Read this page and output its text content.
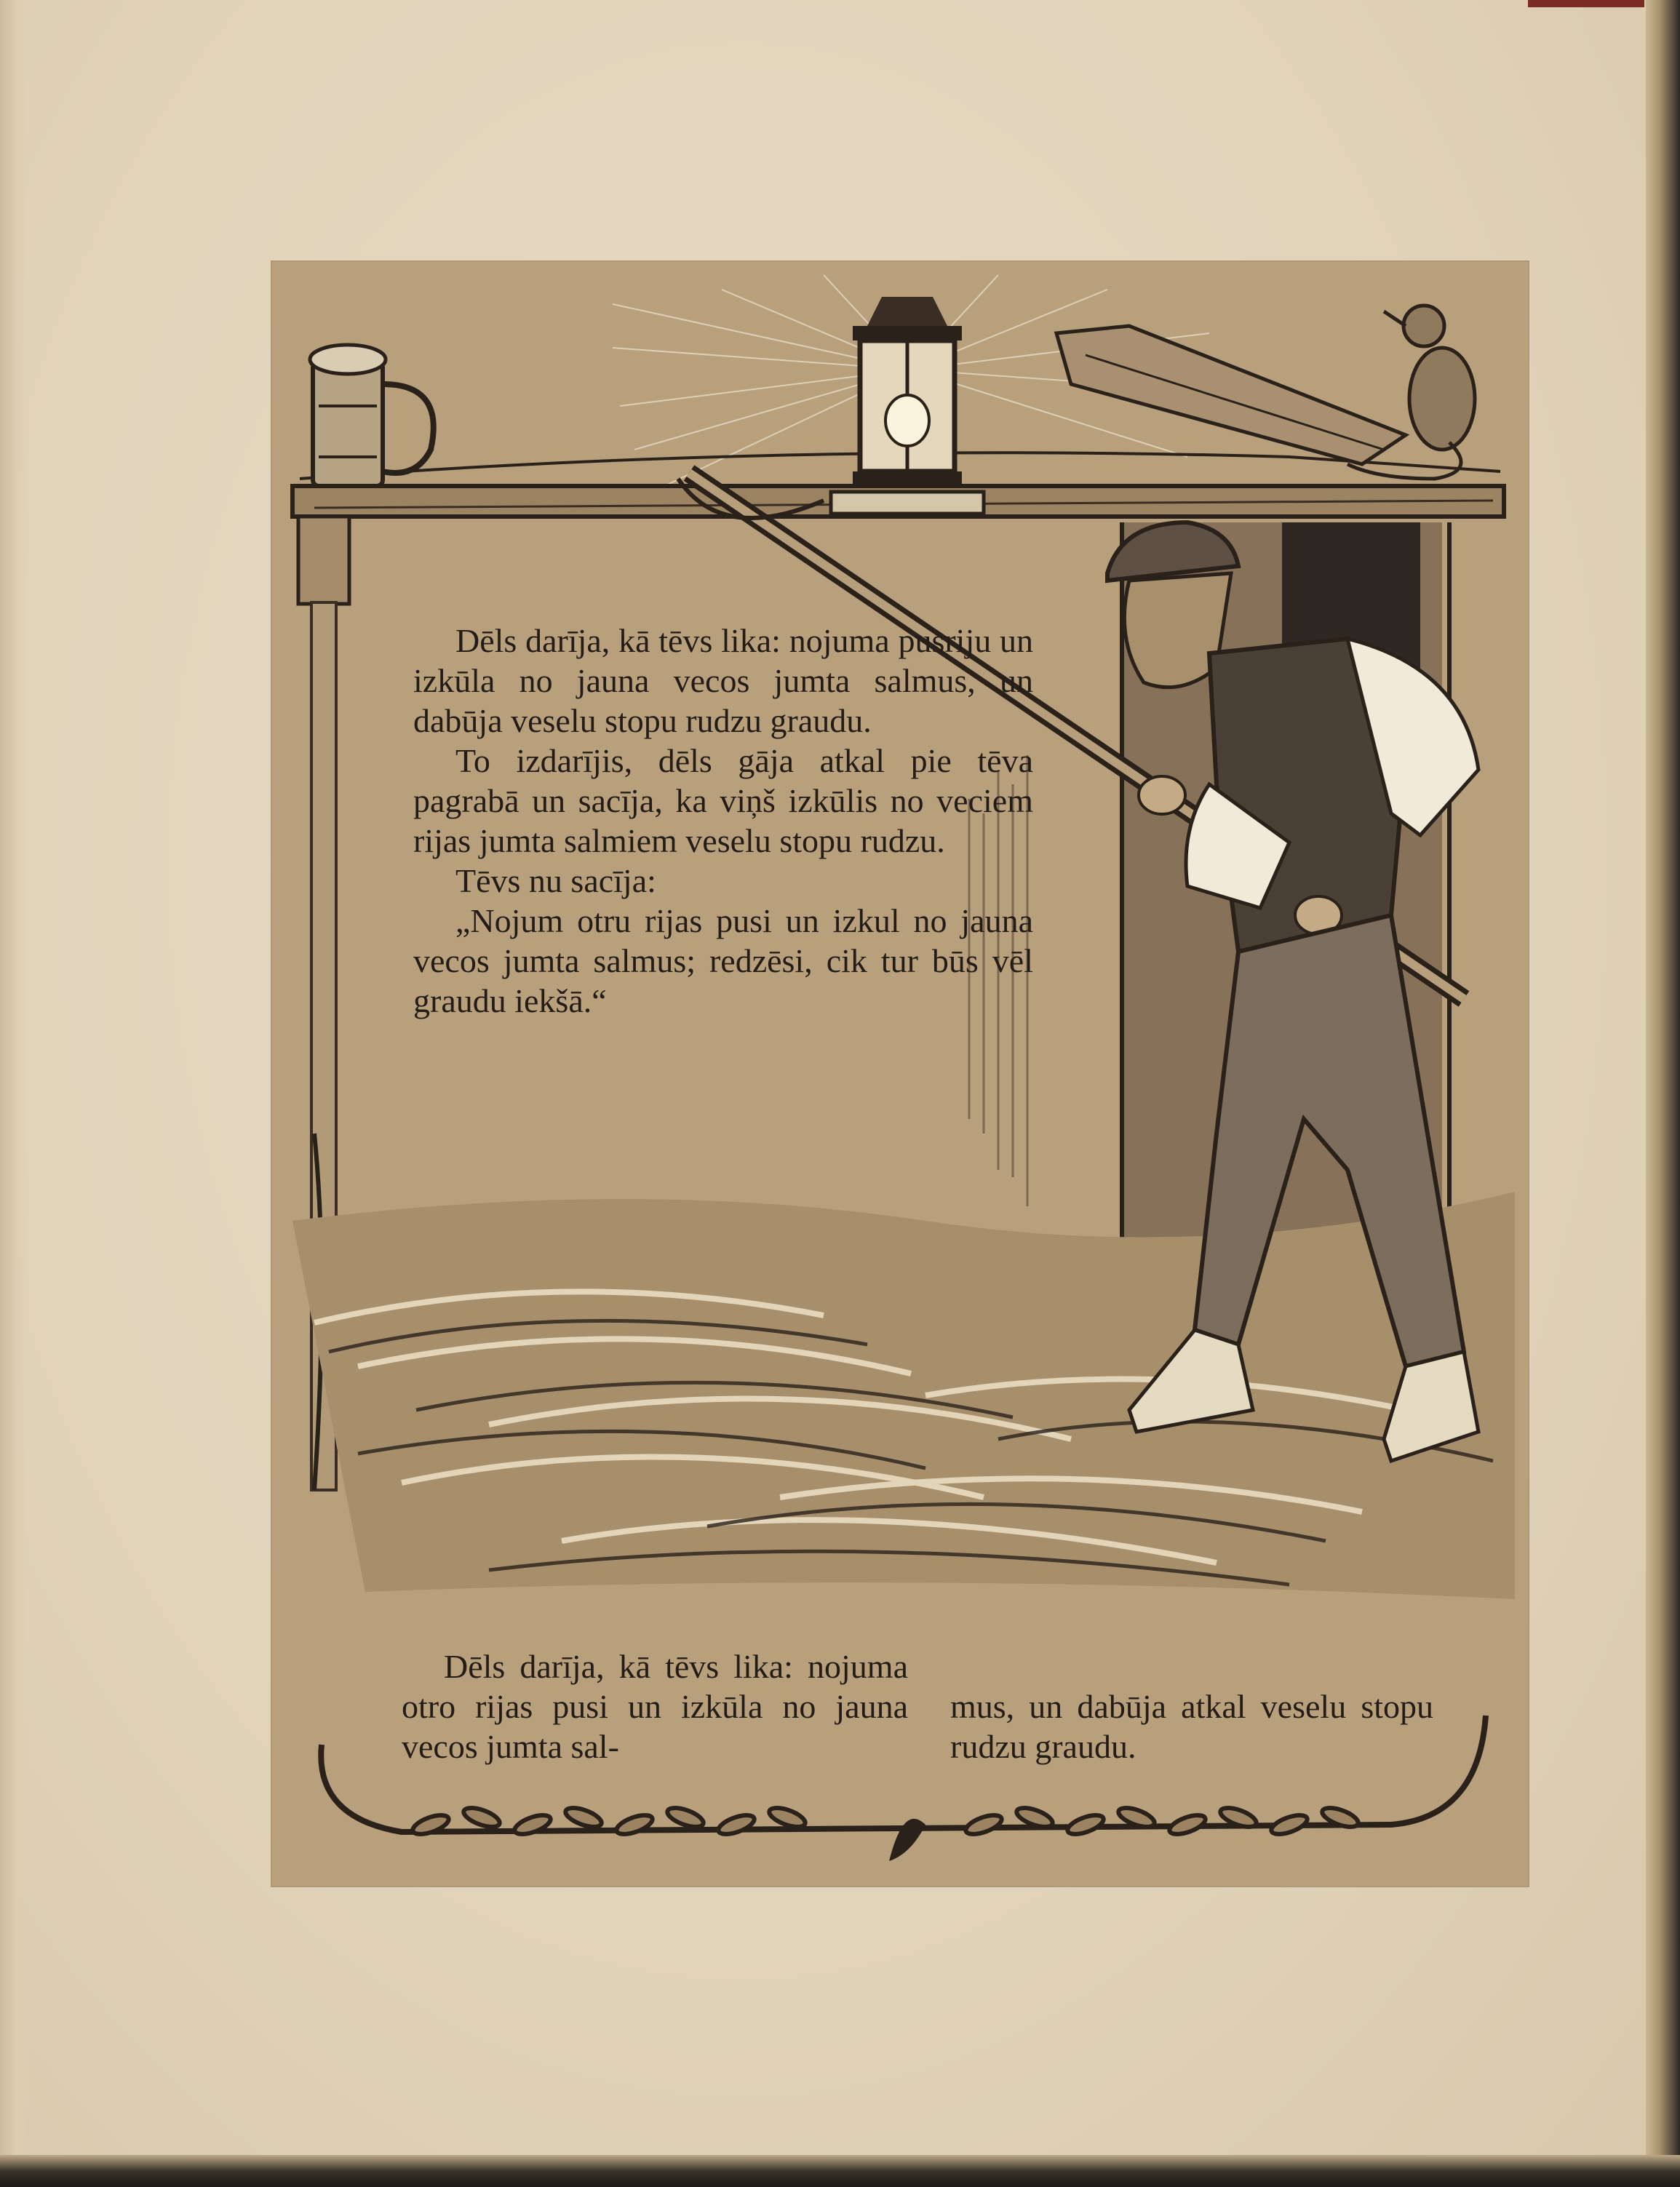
Dēls darīja, kā tēvs lika: nojuma pusriju un izkūla no jauna vecos jumta salmus, un dabūja veselu stopu rudzu graudu.

To izdarījis, dēls gāja atkal pie tēva pagrabā un sacīja, ka viņš izkūlis no veciem rijas jumta salmiem veselu stopu rudzu.

Tēvs nu sacīja:

„Nojum otru rijas pusi un izkul no jauna vecos jumta salmus; redzēsi, cik tur būs vēl graudu iekšā.“

Dēls darīja, kā tēvs lika: nojuma otro rijas pusi un izkūla no jauna vecos jumta sal-
mus, un dabūja atkal veselu stopu rudzu graudu.
